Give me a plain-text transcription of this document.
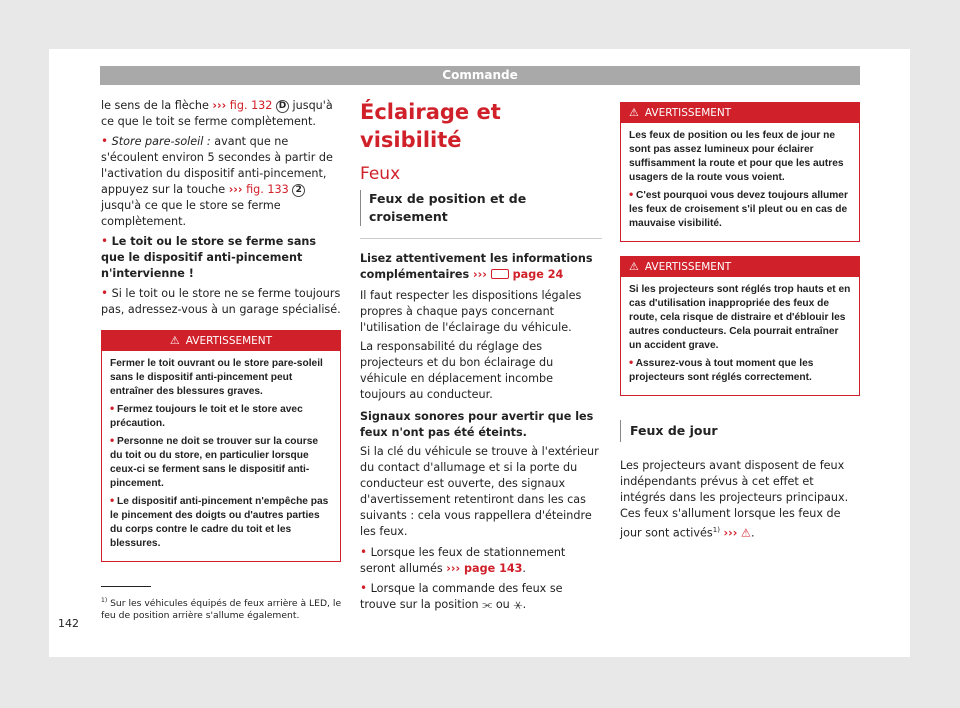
Commande

le sens de la flèche ››› fig. 132 D jusqu'à ce que le toit se ferme complètement.

• Store pare-soleil : avant que ne s'écoulent environ 5 secondes à partir de l'activation du dispositif anti-pincement, appuyez sur la touche ››› fig. 133 2 jusqu'à ce que le store se ferme complètement.

• Le toit ou le store se ferme sans que le dispositif anti-pincement n'intervienne !

• Si le toit ou le store ne se ferme toujours pas, adressez-vous à un garage spécialisé.

⚠ AVERTISSEMENT

Fermer le toit ouvrant ou le store pare-soleil sans le dispositif anti-pincement peut entraîner des blessures graves.

• Fermez toujours le toit et le store avec précaution.

• Personne ne doit se trouver sur la course du toit ou du store, en particulier lorsque ceux-ci se ferment sans le dispositif anti-pincement.

• Le dispositif anti-pincement n'empêche pas le pincement des doigts ou d'autres parties du corps contre le cadre du toit et les blessures.

Éclairage et visibilité
Feux
Feux de position et de croisement

Lisez attentivement les informations complémentaires ›››  page 24

Il faut respecter les dispositions légales propres à chaque pays concernant l'utilisation de l'éclairage du véhicule.

La responsabilité du réglage des projecteurs et du bon éclairage du véhicule en déplacement incombe toujours au conducteur.

Signaux sonores pour avertir que les feux n'ont pas été éteints.

Si la clé du véhicule se trouve à l'extérieur du contact d'allumage et si la porte du conducteur est ouverte, des signaux d'avertissement retentiront dans les cas suivants : cela vous rappellera d'éteindre les feux.

• Lorsque les feux de stationnement seront allumés ››› page 143.

• Lorsque la commande des feux se trouve sur la position ⫘ ou ⚹.

⚠ AVERTISSEMENT

Les feux de position ou les feux de jour ne sont pas assez lumineux pour éclairer suffisamment la route et pour que les autres usagers de la route vous voient.

• C'est pourquoi vous devez toujours allumer les feux de croisement s'il pleut ou en cas de mauvaise visibilité.

⚠ AVERTISSEMENT

Si les projecteurs sont réglés trop hauts et en cas d'utilisation inappropriée des feux de route, cela risque de distraire et d'éblouir les autres conducteurs. Cela pourrait entraîner un accident grave.

• Assurez-vous à tout moment que les projecteurs sont réglés correctement.

Feux de jour

Les projecteurs avant disposent de feux indépendants prévus à cet effet et intégrés dans les projecteurs principaux. Ces feux s'allument lorsque les feux de jour sont activés$^{1)}$ ››› ⚠.

$^{1)}$ Sur les véhicules équipés de feux arrière à LED, le feu de position arrière s'allume également.
142
